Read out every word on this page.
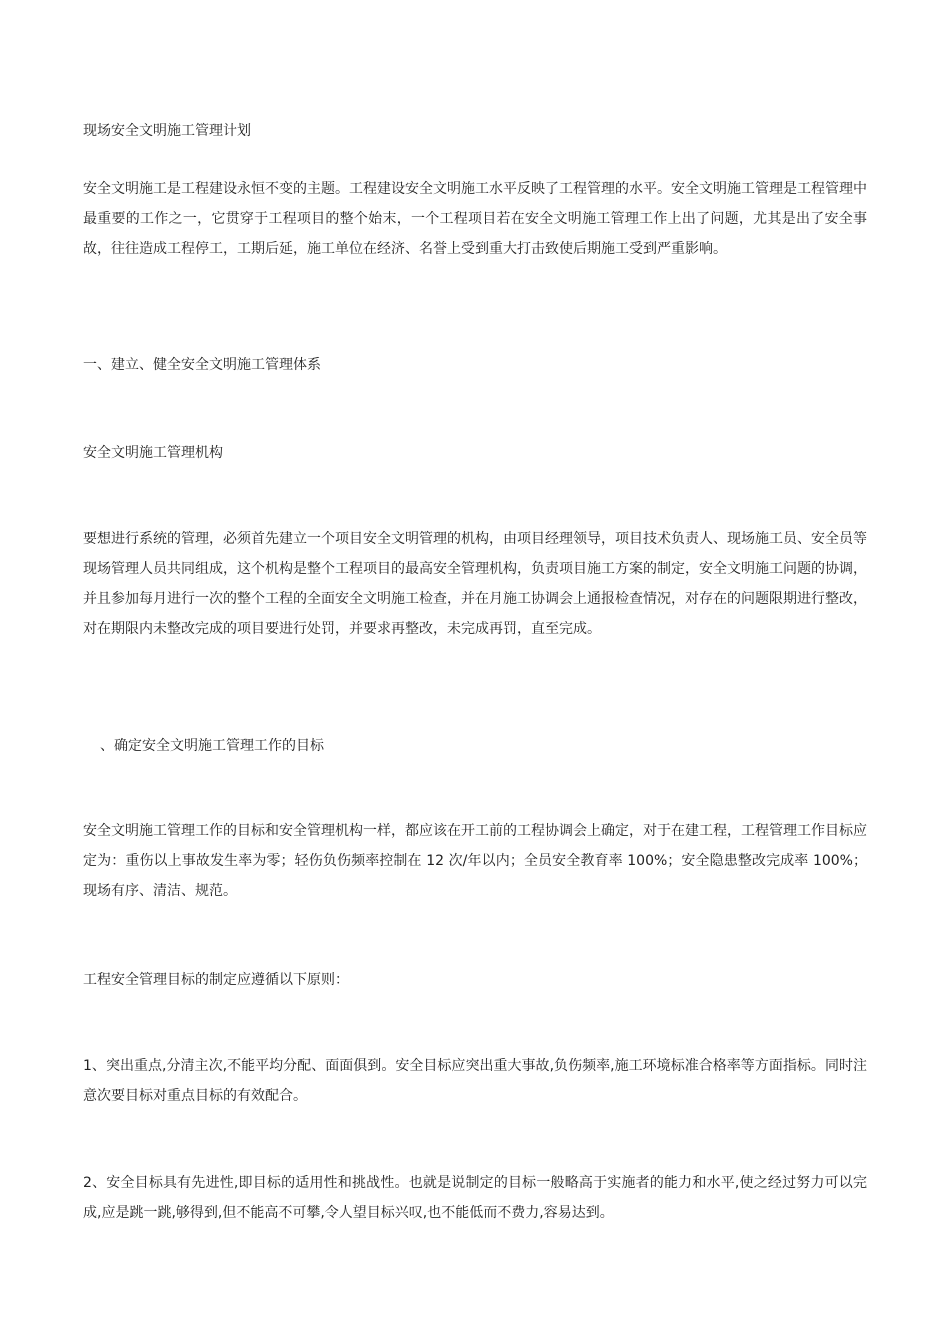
现场安全文明施工管理计划

安全文明施工是工程建设永恒不变的主题。工程建设安全文明施工水平反映了工程管理的水平。安全文明施工管理是工程管理中最重要的工作之一，它贯穿于工程项目的整个始末，一个工程项目若在安全文明施工管理工作上出了问题，尤其是出了安全事故，往往造成工程停工，工期后延，施工单位在经济、名誉上受到重大打击致使后期施工受到严重影响。

一、建立、健全安全文明施工管理体系

安全文明施工管理机构

要想进行系统的管理，必须首先建立一个项目安全文明管理的机构，由项目经理领导，项目技术负责人、现场施工员、安全员等现场管理人员共同组成，这个机构是整个工程项目的最高安全管理机构，负责项目施工方案的制定，安全文明施工问题的协调，并且参加每月进行一次的整个工程的全面安全文明施工检查，并在月施工协调会上通报检查情况，对存在的问题限期进行整改，对在期限内未整改完成的项目要进行处罚，并要求再整改，未完成再罚，直至完成。

、确定安全文明施工管理工作的目标

安全文明施工管理工作的目标和安全管理机构一样，都应该在开工前的工程协调会上确定，对于在建工程，工程管理工作目标应定为：重伤以上事故发生率为零；轻伤负伤频率控制在 12 次/年以内；全员安全教育率 100%；安全隐患整改完成率 100%；现场有序、清洁、规范。

工程安全管理目标的制定应遵循以下原则：

1、突出重点,分清主次,不能平均分配、面面俱到。安全目标应突出重大事故,负伤频率,施工环境标准合格率等方面指标。同时注意次要目标对重点目标的有效配合。

2、安全目标具有先进性,即目标的适用性和挑战性。也就是说制定的目标一般略高于实施者的能力和水平,使之经过努力可以完成,应是跳一跳,够得到,但不能高不可攀,令人望目标兴叹,也不能低而不费力,容易达到。
